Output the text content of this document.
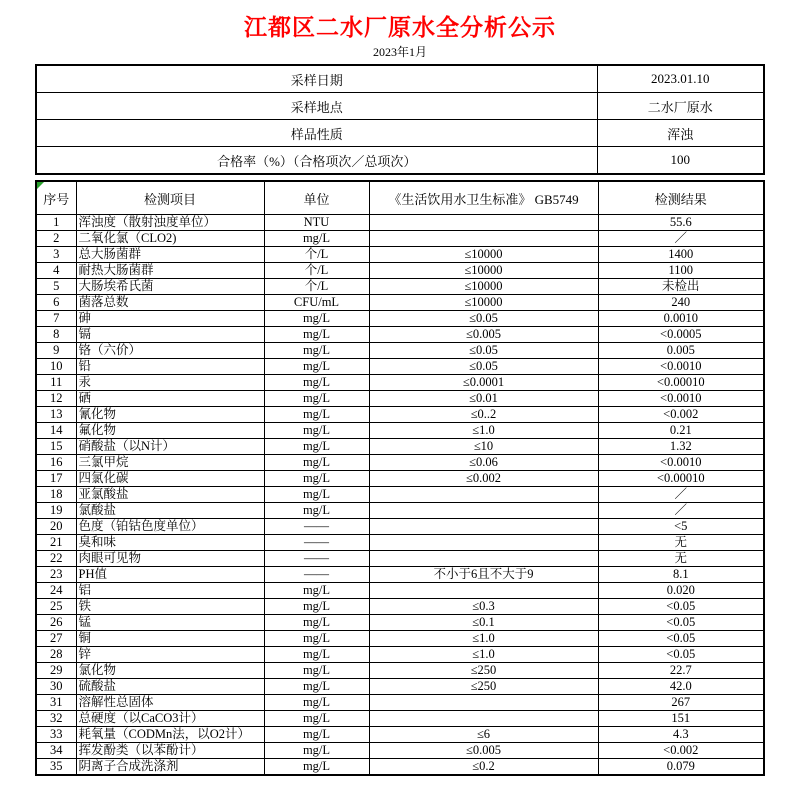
江都区二水厂原水全分析公示
2023年1月
采样日期	2023.01.10
采样地点	二水厂原水
样品性质	浑浊
合格率（%）（合格项次／总项次）	100
序号	检测项目	单位	《生活饮用水卫生标准》 GB5749	检测结果
1	浑浊度（散射浊度单位）	NTU		55.6
2	二氧化氯（CLO2)	mg/L		／
3	总大肠菌群	个/L	≤10000	1400
4	耐热大肠菌群	个/L	≤10000	1100
5	大肠埃希氏菌	个/L	≤10000	未检出
6	菌落总数	CFU/mL	≤10000	240
7	砷	mg/L	≤0.05	0.0010
8	镉	mg/L	≤0.005	<0.0005
9	铬（六价）	mg/L	≤0.05	0.005
10	铅	mg/L	≤0.05	<0.0010
11	汞	mg/L	≤0.0001	<0.00010
12	硒	mg/L	≤0.01	<0.0010
13	氰化物	mg/L	≤0..2	<0.002
14	氟化物	mg/L	≤1.0	0.21
15	硝酸盐（以N计）	mg/L	≤10	1.32
16	三氯甲烷	mg/L	≤0.06	<0.0010
17	四氯化碳	mg/L	≤0.002	<0.00010
18	亚氯酸盐	mg/L		／
19	氯酸盐	mg/L		／
20	色度（铂钴色度单位）	——		<5
21	臭和味	——		无
22	肉眼可见物	——		无
23	PH值	——	不小于6且不大于9	8.1
24	铝	mg/L		0.020
25	铁	mg/L	≤0.3	<0.05
26	锰	mg/L	≤0.1	<0.05
27	铜	mg/L	≤1.0	<0.05
28	锌	mg/L	≤1.0	<0.05
29	氯化物	mg/L	≤250	22.7
30	硫酸盐	mg/L	≤250	42.0
31	溶解性总固体	mg/L		267
32	总硬度（以CaCO3计）	mg/L		151
33	耗氧量（CODMn法，以O2计）	mg/L	≤6	4.3
34	挥发酚类（以苯酚计）	mg/L	≤0.005	<0.002
35	阴离子合成洗涤剂	mg/L	≤0.2	0.079
